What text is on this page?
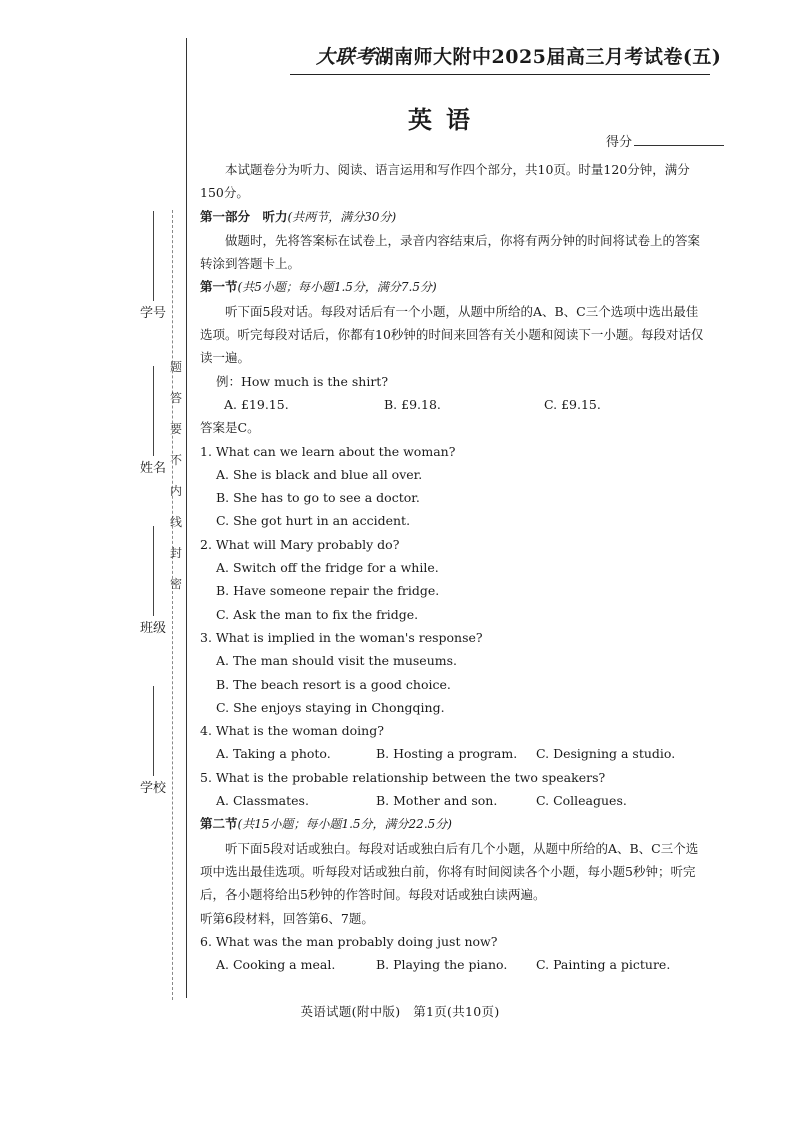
学号
姓名
班级
学校
题
答
要
不
内
线
封
密
大联考湖南师大附中2025届高三月考试卷(五)
英语
得分

本试题卷分为听力、阅读、语言运用和写作四个部分，共10页。时量120分钟，满分150分。

第一部分　听力(共两节，满分30分)

做题时，先将答案标在试卷上，录音内容结束后，你将有两分钟的时间将试卷上的答案转涂到答题卡上。

第一节(共5小题；每小题1.5分，满分7.5分)

听下面5段对话。每段对话后有一个小题，从题中所给的A、B、C三个选项中选出最佳选项。听完每段对话后，你都有10秒钟的时间来回答有关小题和阅读下一小题。每段对话仅读一遍。

例：How much is the shirt?

A. £19.15.	B. £9.18.	C. £9.15.

答案是C。

1. What can we learn about the woman?

A. She is black and blue all over.

B. She has to go to see a doctor.

C. She got hurt in an accident.

2. What will Mary probably do?

A. Switch off the fridge for a while.

B. Have someone repair the fridge.

C. Ask the man to fix the fridge.

3. What is implied in the woman's response?

A. The man should visit the museums.

B. The beach resort is a good choice.

C. She enjoys staying in Chongqing.

4. What is the woman doing?

A. Taking a photo.	B. Hosting a program.	C. Designing a studio.

5. What is the probable relationship between the two speakers?

A. Classmates.	B. Mother and son.	C. Colleagues.

第二节(共15小题；每小题1.5分，满分22.5分)

听下面5段对话或独白。每段对话或独白后有几个小题，从题中所给的A、B、C三个选项中选出最佳选项。听每段对话或独白前，你将有时间阅读各个小题，每小题5秒钟；听完后，各小题将给出5秒钟的作答时间。每段对话或独白读两遍。

听第6段材料，回答第6、7题。

6. What was the man probably doing just now?

A. Cooking a meal.	B. Playing the piano.	C. Painting a picture.
英语试题(附中版)　第1页(共10页)
